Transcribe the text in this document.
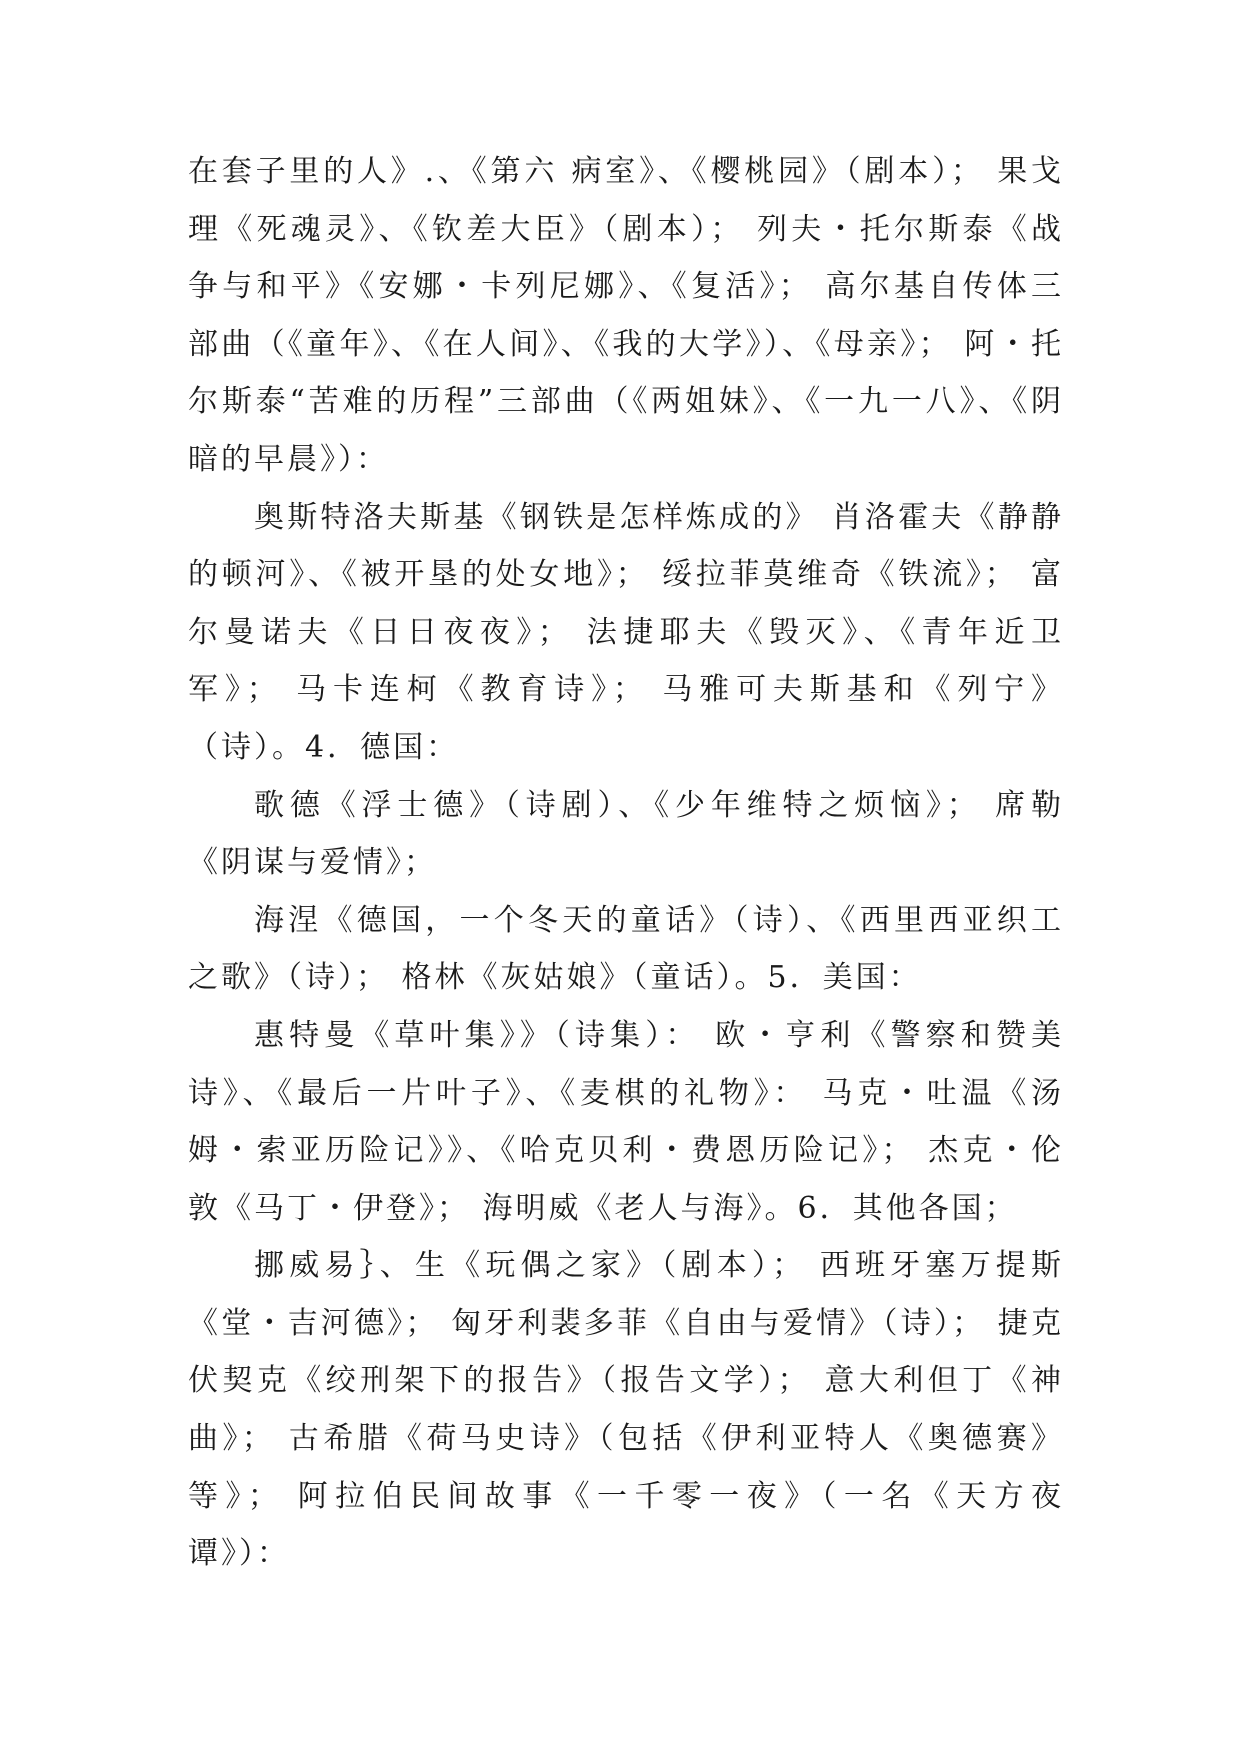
在套子里的人》.、《第六 病室》、《樱桃园》（剧本）； 果戈理《死魂灵》、《钦差大臣》（剧本）； 列夫・托尔斯泰《战争与和平》《安娜・卡列尼娜》、《复活》； 高尔基自传体三部曲（《童年》、《在人间》、《我的大学》）、《母亲》； 阿・托尔斯泰“苦难的历程”三部曲（《两姐妹》、《一九一八》、《阴暗的早晨》）：

奥斯特洛夫斯基《钢铁是怎样炼成的》 肖洛霍夫《静静的顿河》、《被开垦的处女地》； 绥拉菲莫维奇《铁流》； 富尔曼诺夫《日日夜夜》； 法捷耶夫《毁灭》、《青年近卫军》； 马卡连柯《教育诗》； 马雅可夫斯基和《列宁》（诗）。4．德国：

歌德《浮士德》（诗剧）、《少年维特之烦恼》； 席勒《阴谋与爱情》；

海涅《德国，一个冬天的童话》（诗）、《西里西亚织工之歌》（诗）； 格林《灰姑娘》（童话）。5．美国：

惠特曼《草叶集》》（诗集）： 欧・亨利《警察和赞美诗》、《最后一片叶子》、《麦棋的礼物》： 马克・吐温《汤姆・索亚历险记》》、《哈克贝利・费恩历险记》； 杰克・伦敦《马丁・伊登》； 海明威《老人与海》。6．其他各国；

挪威易｝、生《玩偶之家》（剧本）； 西班牙塞万提斯《堂・吉河德》； 匈牙利裴多菲《自由与爱情》（诗）； 捷克伏契克《绞刑架下的报告》（报告文学）； 意大利但丁《神曲》； 古希腊《荷马史诗》（包括《伊利亚特人《奥德赛》等》； 阿拉伯民间故事《一千零一夜》（一名《天方夜谭》）：
